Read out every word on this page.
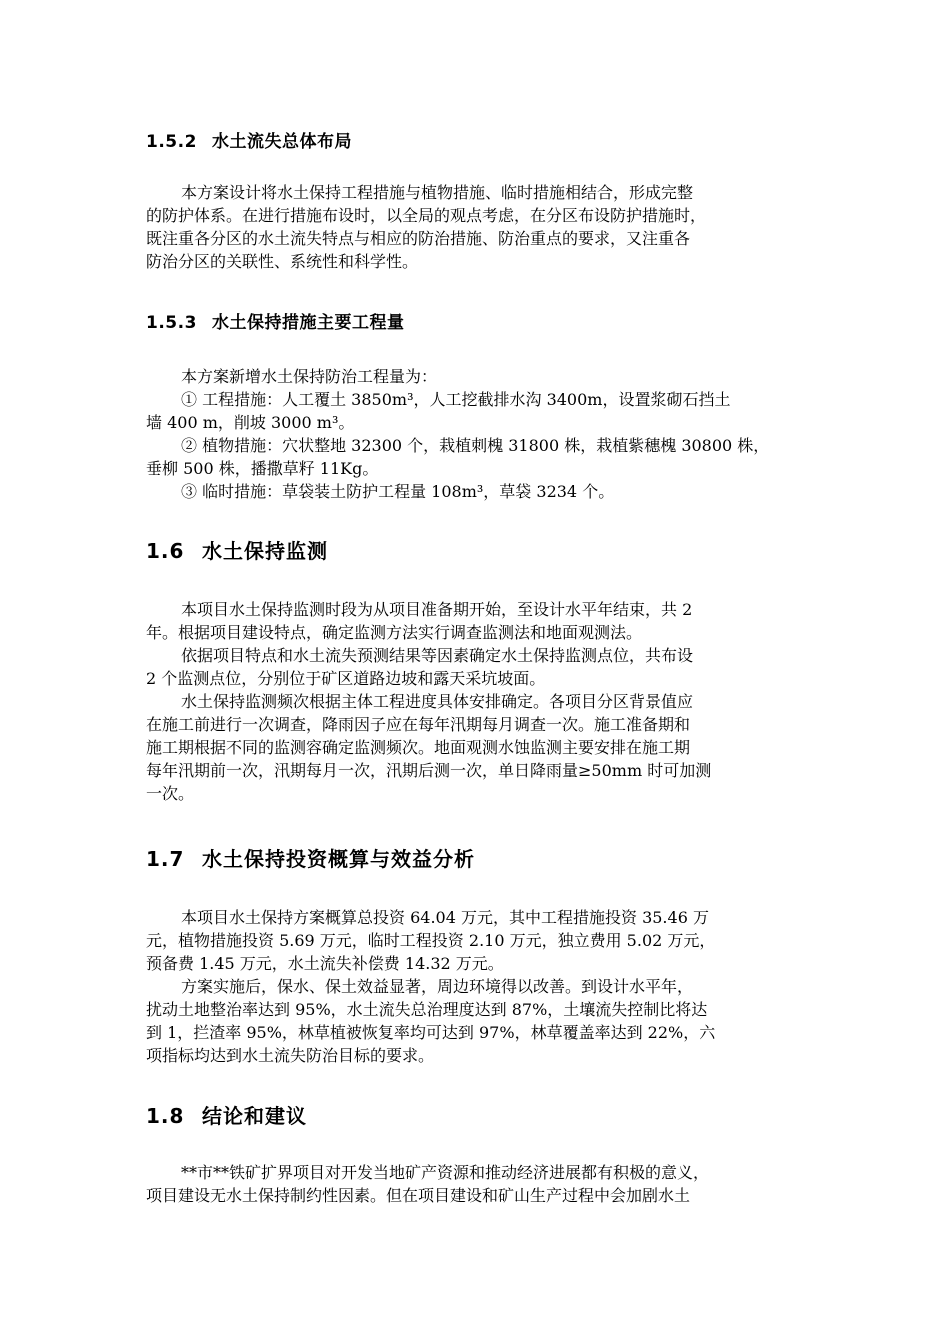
1.5.2 水土流失总体布局

本方案设计将水土保持工程措施与植物措施、临时措施相结合，形成完整

的防护体系。在进行措施布设时，以全局的观点考虑，在分区布设防护措施时，

既注重各分区的水土流失特点与相应的防治措施、防治重点的要求，又注重各

防治分区的关联性、系统性和科学性。

1.5.3 水土保持措施主要工程量

本方案新增水土保持防治工程量为：

① 工程措施：人工覆土 3850m³，人工挖截排水沟 3400m，设置浆砌石挡土

墙 400 m，削坡 3000 m³。

② 植物措施：穴状整地 32300 个，栽植刺槐 31800 株，栽植紫穗槐 30800 株，

垂柳 500 株，播撒草籽 11Kg。

③ 临时措施：草袋装土防护工程量 108m³，草袋 3234 个。

1.6 水土保持监测

本项目水土保持监测时段为从项目准备期开始，至设计水平年结束，共 2

年。根据项目建设特点，确定监测方法实行调查监测法和地面观测法。

依据项目特点和水土流失预测结果等因素确定水土保持监测点位，共布设

2 个监测点位，分别位于矿区道路边坡和露天采坑坡面。

水土保持监测频次根据主体工程进度具体安排确定。各项目分区背景值应

在施工前进行一次调查，降雨因子应在每年汛期每月调查一次。施工准备期和

施工期根据不同的监测容确定监测频次。地面观测水蚀监测主要安排在施工期

每年汛期前一次，汛期每月一次，汛期后测一次，单日降雨量≥50mm 时可加测

一次。

1.7 水土保持投资概算与效益分析

本项目水土保持方案概算总投资 64.04 万元，其中工程措施投资 35.46 万

元，植物措施投资 5.69 万元，临时工程投资 2.10 万元，独立费用 5.02 万元，

预备费 1.45 万元，水土流失补偿费 14.32 万元。

方案实施后，保水、保土效益显著，周边环境得以改善。到设计水平年，

扰动土地整治率达到 95%，水土流失总治理度达到 87%，土壤流失控制比将达

到 1，拦渣率 95%，林草植被恢复率均可达到 97%，林草覆盖率达到 22%，六

项指标均达到水土流失防治目标的要求。

1.8 结论和建议

**市**铁矿扩界项目对开发当地矿产资源和推动经济进展都有积极的意义，

项目建设无水土保持制约性因素。但在项目建设和矿山生产过程中会加剧水土
